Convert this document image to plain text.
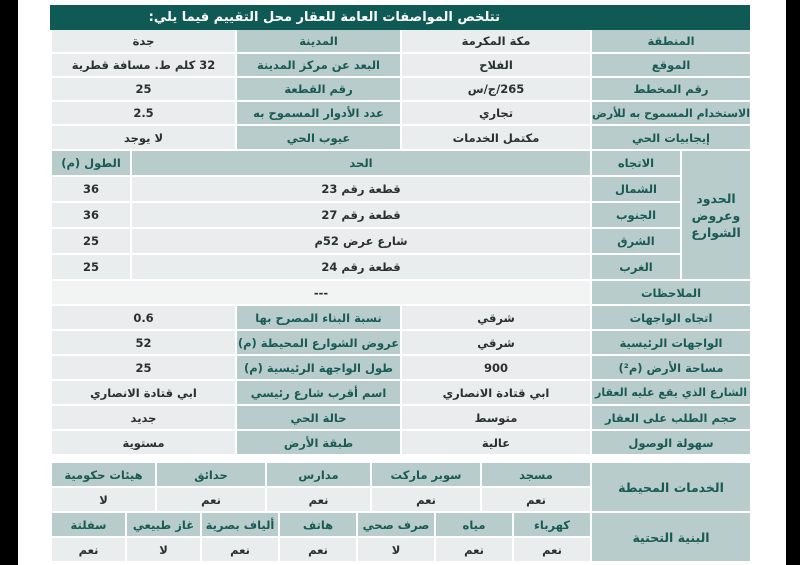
تتلخص المواصفات العامة للعقار محل التقييم فيما يلي:
المنطقة
مكة المكرمة
المدينة
جدة
الموقع
الفلاح
البعد عن مركز المدينة
32 كلم ط. مسافة قطرية
رقم المخطط
265/ج/س
رقم القطعة
25
الاستخدام المسموح به للأرض
تجاري
عدد الأدوار المسموح به
2.5
إيجابيات الحي
مكتمل الخدمات
عيوب الحي
لا يوجد
الحدود وعروض الشوارع
الاتجاه
الحد
الطول (م)
الشمال
قطعة رقم 23
36
الجنوب
قطعة رقم 27
36
الشرق
شارع عرض 52م
25
الغرب
قطعة رقم 24
25
الملاحظات
---
اتجاه الواجهات
شرقي
نسبة البناء المصرح بها
0.6
الواجهات الرئيسية
شرقي
عروض الشوارع المحيطة (م)
52
مساحة الأرض (م²)
900
طول الواجهة الرئيسية (م)
25
الشارع الذي يقع عليه العقار
ابي قتادة الانصاري
اسم أقرب شارع رئيسي
ابي قتادة الانصاري
حجم الطلب على العقار
متوسط
حالة الحي
جديد
سهولة الوصول
عالية
طبقة الأرض
مستوية
الخدمات المحيطة
مسجد
سوبر ماركت
مدارس
حدائق
هيئات حكومية
نعم
نعم
نعم
نعم
لا
البنية التحتية
كهرباء
مياه
صرف صحي
هاتف
ألياف بصرية
غاز طبيعي
سفلتة
نعم
نعم
لا
نعم
نعم
لا
نعم
